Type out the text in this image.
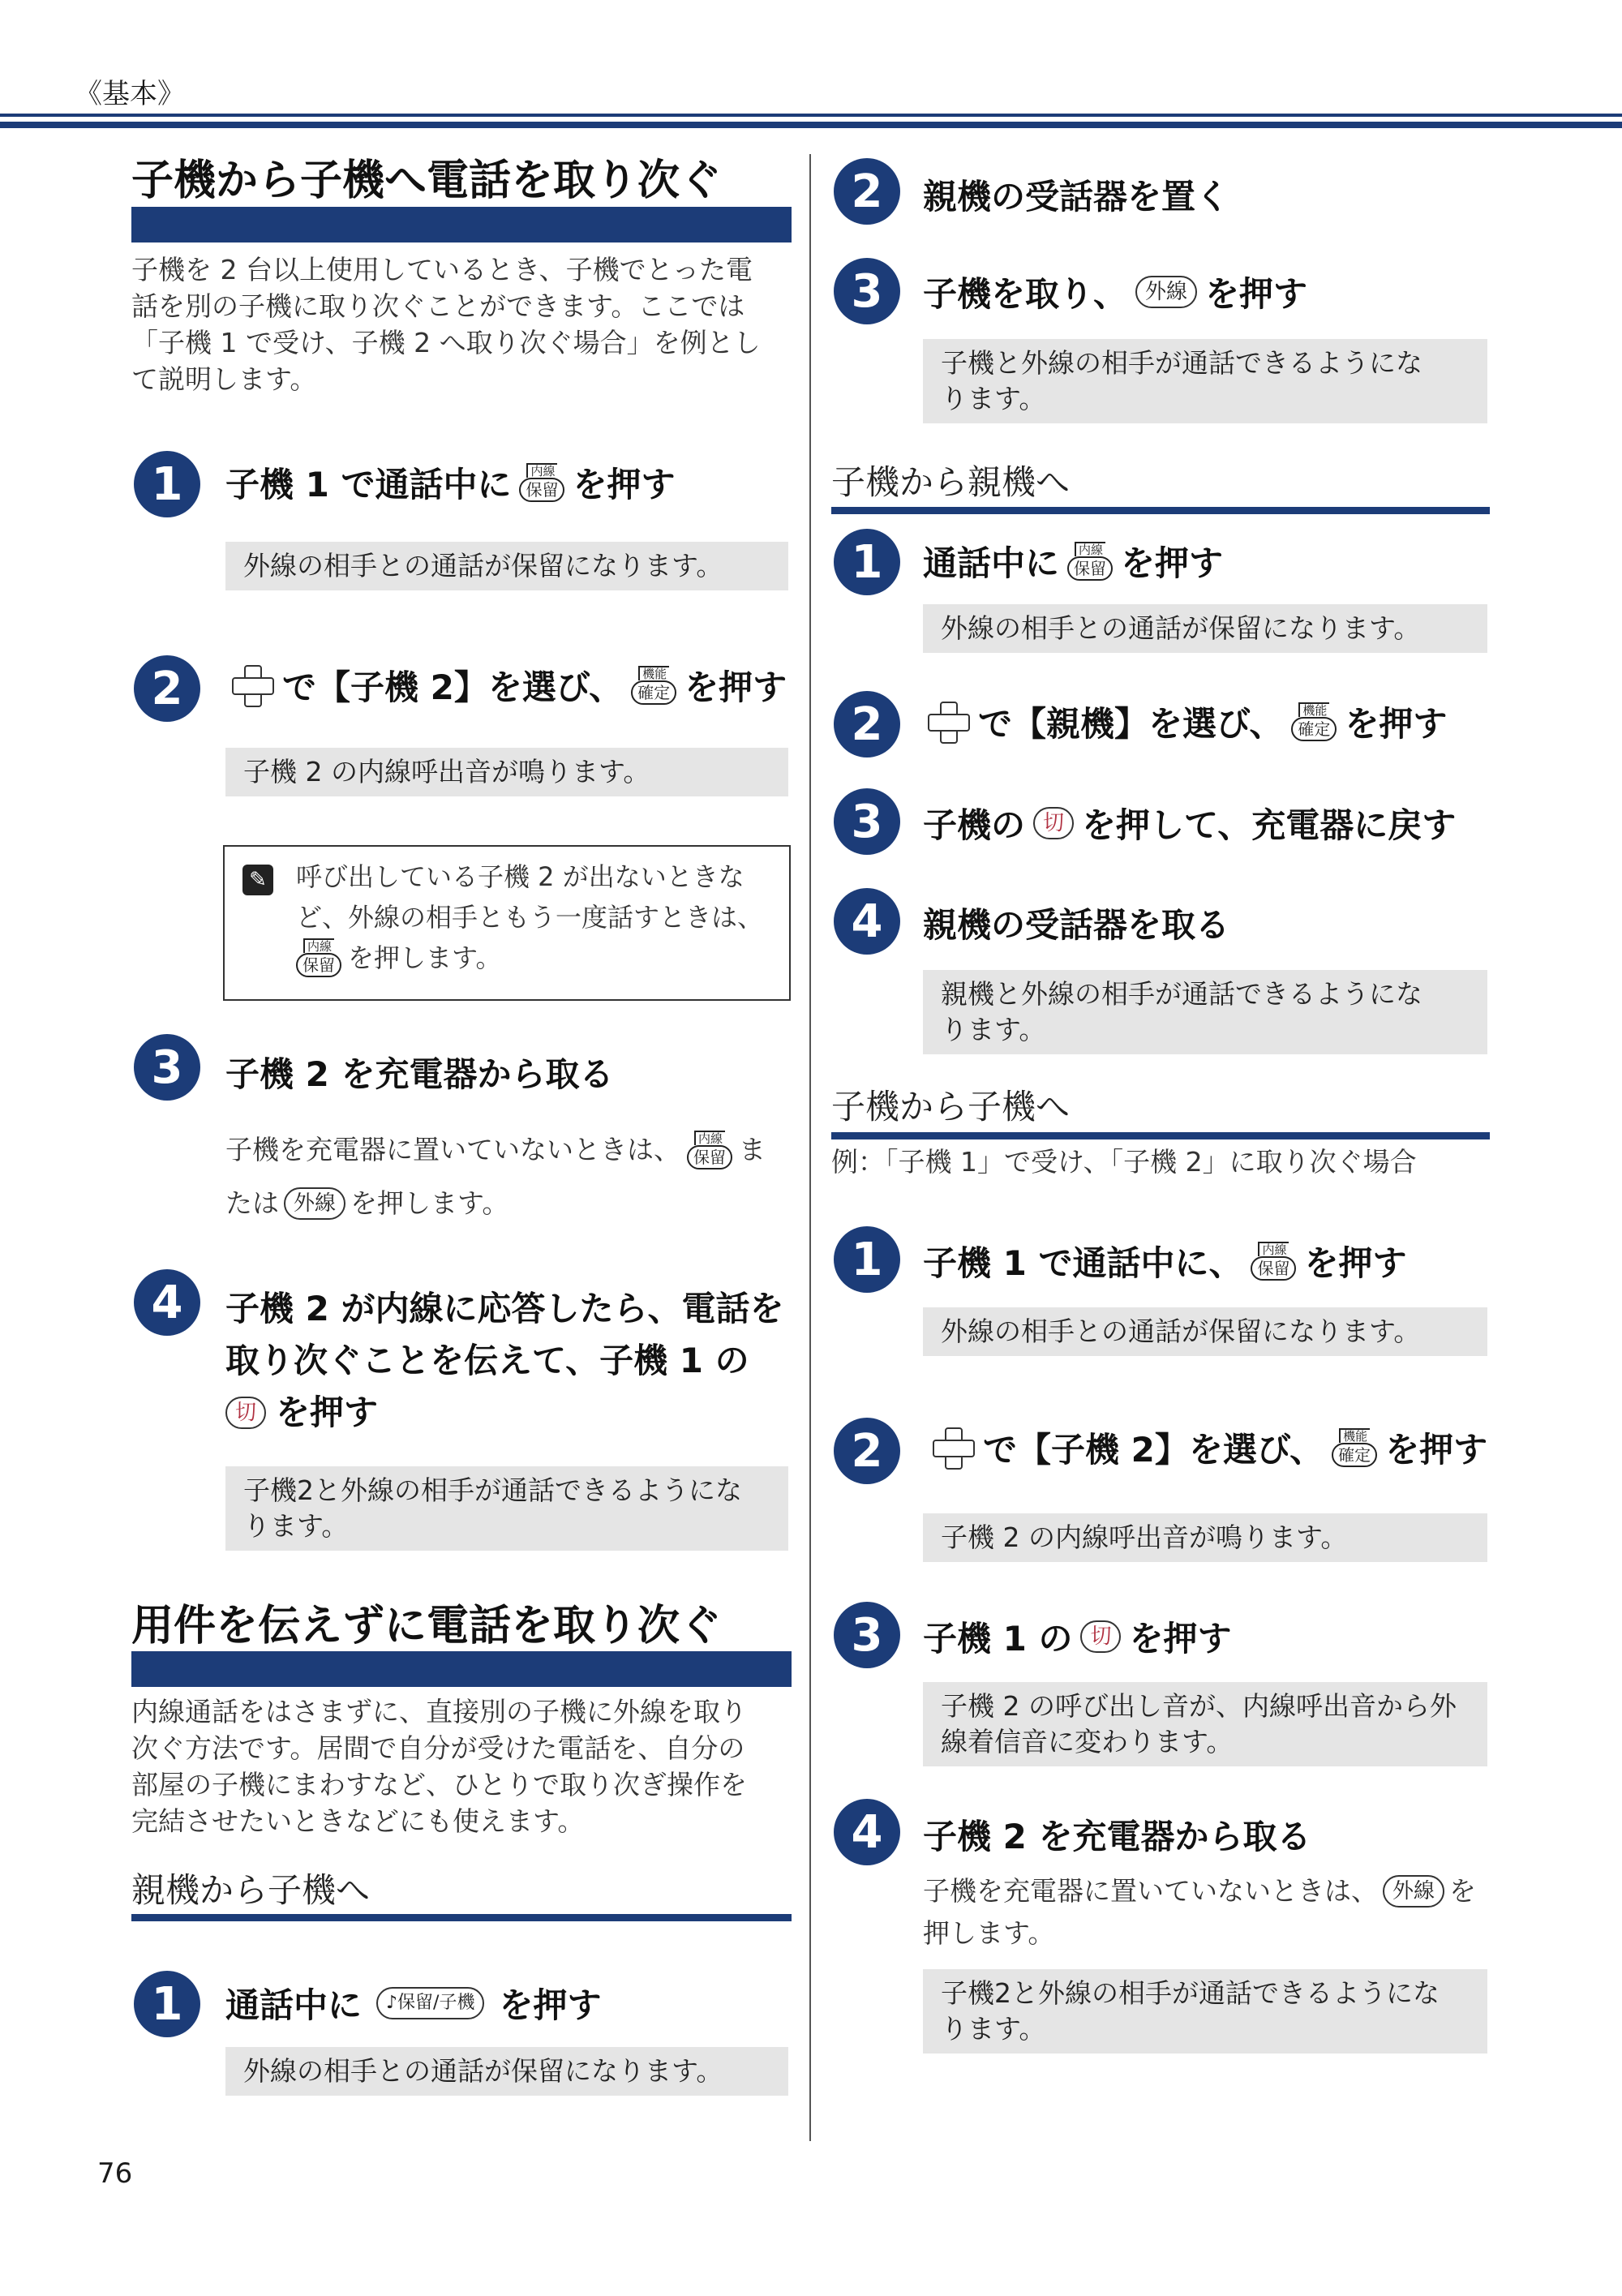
《基本》
子機から子機へ電話を取り次ぐ
子機を 2 台以上使用しているとき、子機でとった電
話を別の子機に取り次ぐことができます。ここでは
「子機 1 で受け、子機 2 へ取り次ぐ場合」を例とし
て説明します。
1	子機 1 で通話中に	内線
保留 を押す
外線の相手との通話が保留になります。
2	で【子機 2】を選び、	機能
確定 を押す
子機 2 の内線呼出音が鳴ります。
✎ 呼び出している子機 2 が出ないときな
ど、外線の相手ともう一度話すときは、
内線
保留 を押します。
3	子機 2 を充電器から取る
子機を充電器に置いていないときは、	内線
保留 ま
たは 外線 を押します。
4	子機 2 が内線に応答したら、電話を
取り次ぐことを伝えて、子機 1 の
切 を押す
子機2と外線の相手が通話できるようにな
ります。
用件を伝えずに電話を取り次ぐ
内線通話をはさまずに、直接別の子機に外線を取り
次ぐ方法です。居間で自分が受けた電話を、自分の
部屋の子機にまわすなど、ひとりで取り次ぎ操作を
完結させたいときなどにも使えます。
親機から子機へ
1	通話中に	♪保留/子機 を押す
外線の相手との通話が保留になります。
76
2	親機の受話器を置く
3	子機を取り、 外線 を押す
子機と外線の相手が通話できるようにな
ります。
子機から親機へ
1	通話中に	内線
保留 を押す
外線の相手との通話が保留になります。
2	で【親機】を選び、	機能
確定 を押す
3	子機の 切 を押して、充電器に戻す
4	親機の受話器を取る
親機と外線の相手が通話できるようにな
ります。
子機から子機へ
例：「子機 1」で受け、「子機 2」に取り次ぐ場合
1	子機 1 で通話中に、	内線
保留 を押す
外線の相手との通話が保留になります。
2	で【子機 2】を選び、	機能
確定 を押す
子機 2 の内線呼出音が鳴ります。
3	子機 1 の 切 を押す
子機 2 の呼び出し音が、内線呼出音から外
線着信音に変わります。
4	子機 2 を充電器から取る
子機を充電器に置いていないときは、 外線 を
押します。
子機2と外線の相手が通話できるようにな
ります。
